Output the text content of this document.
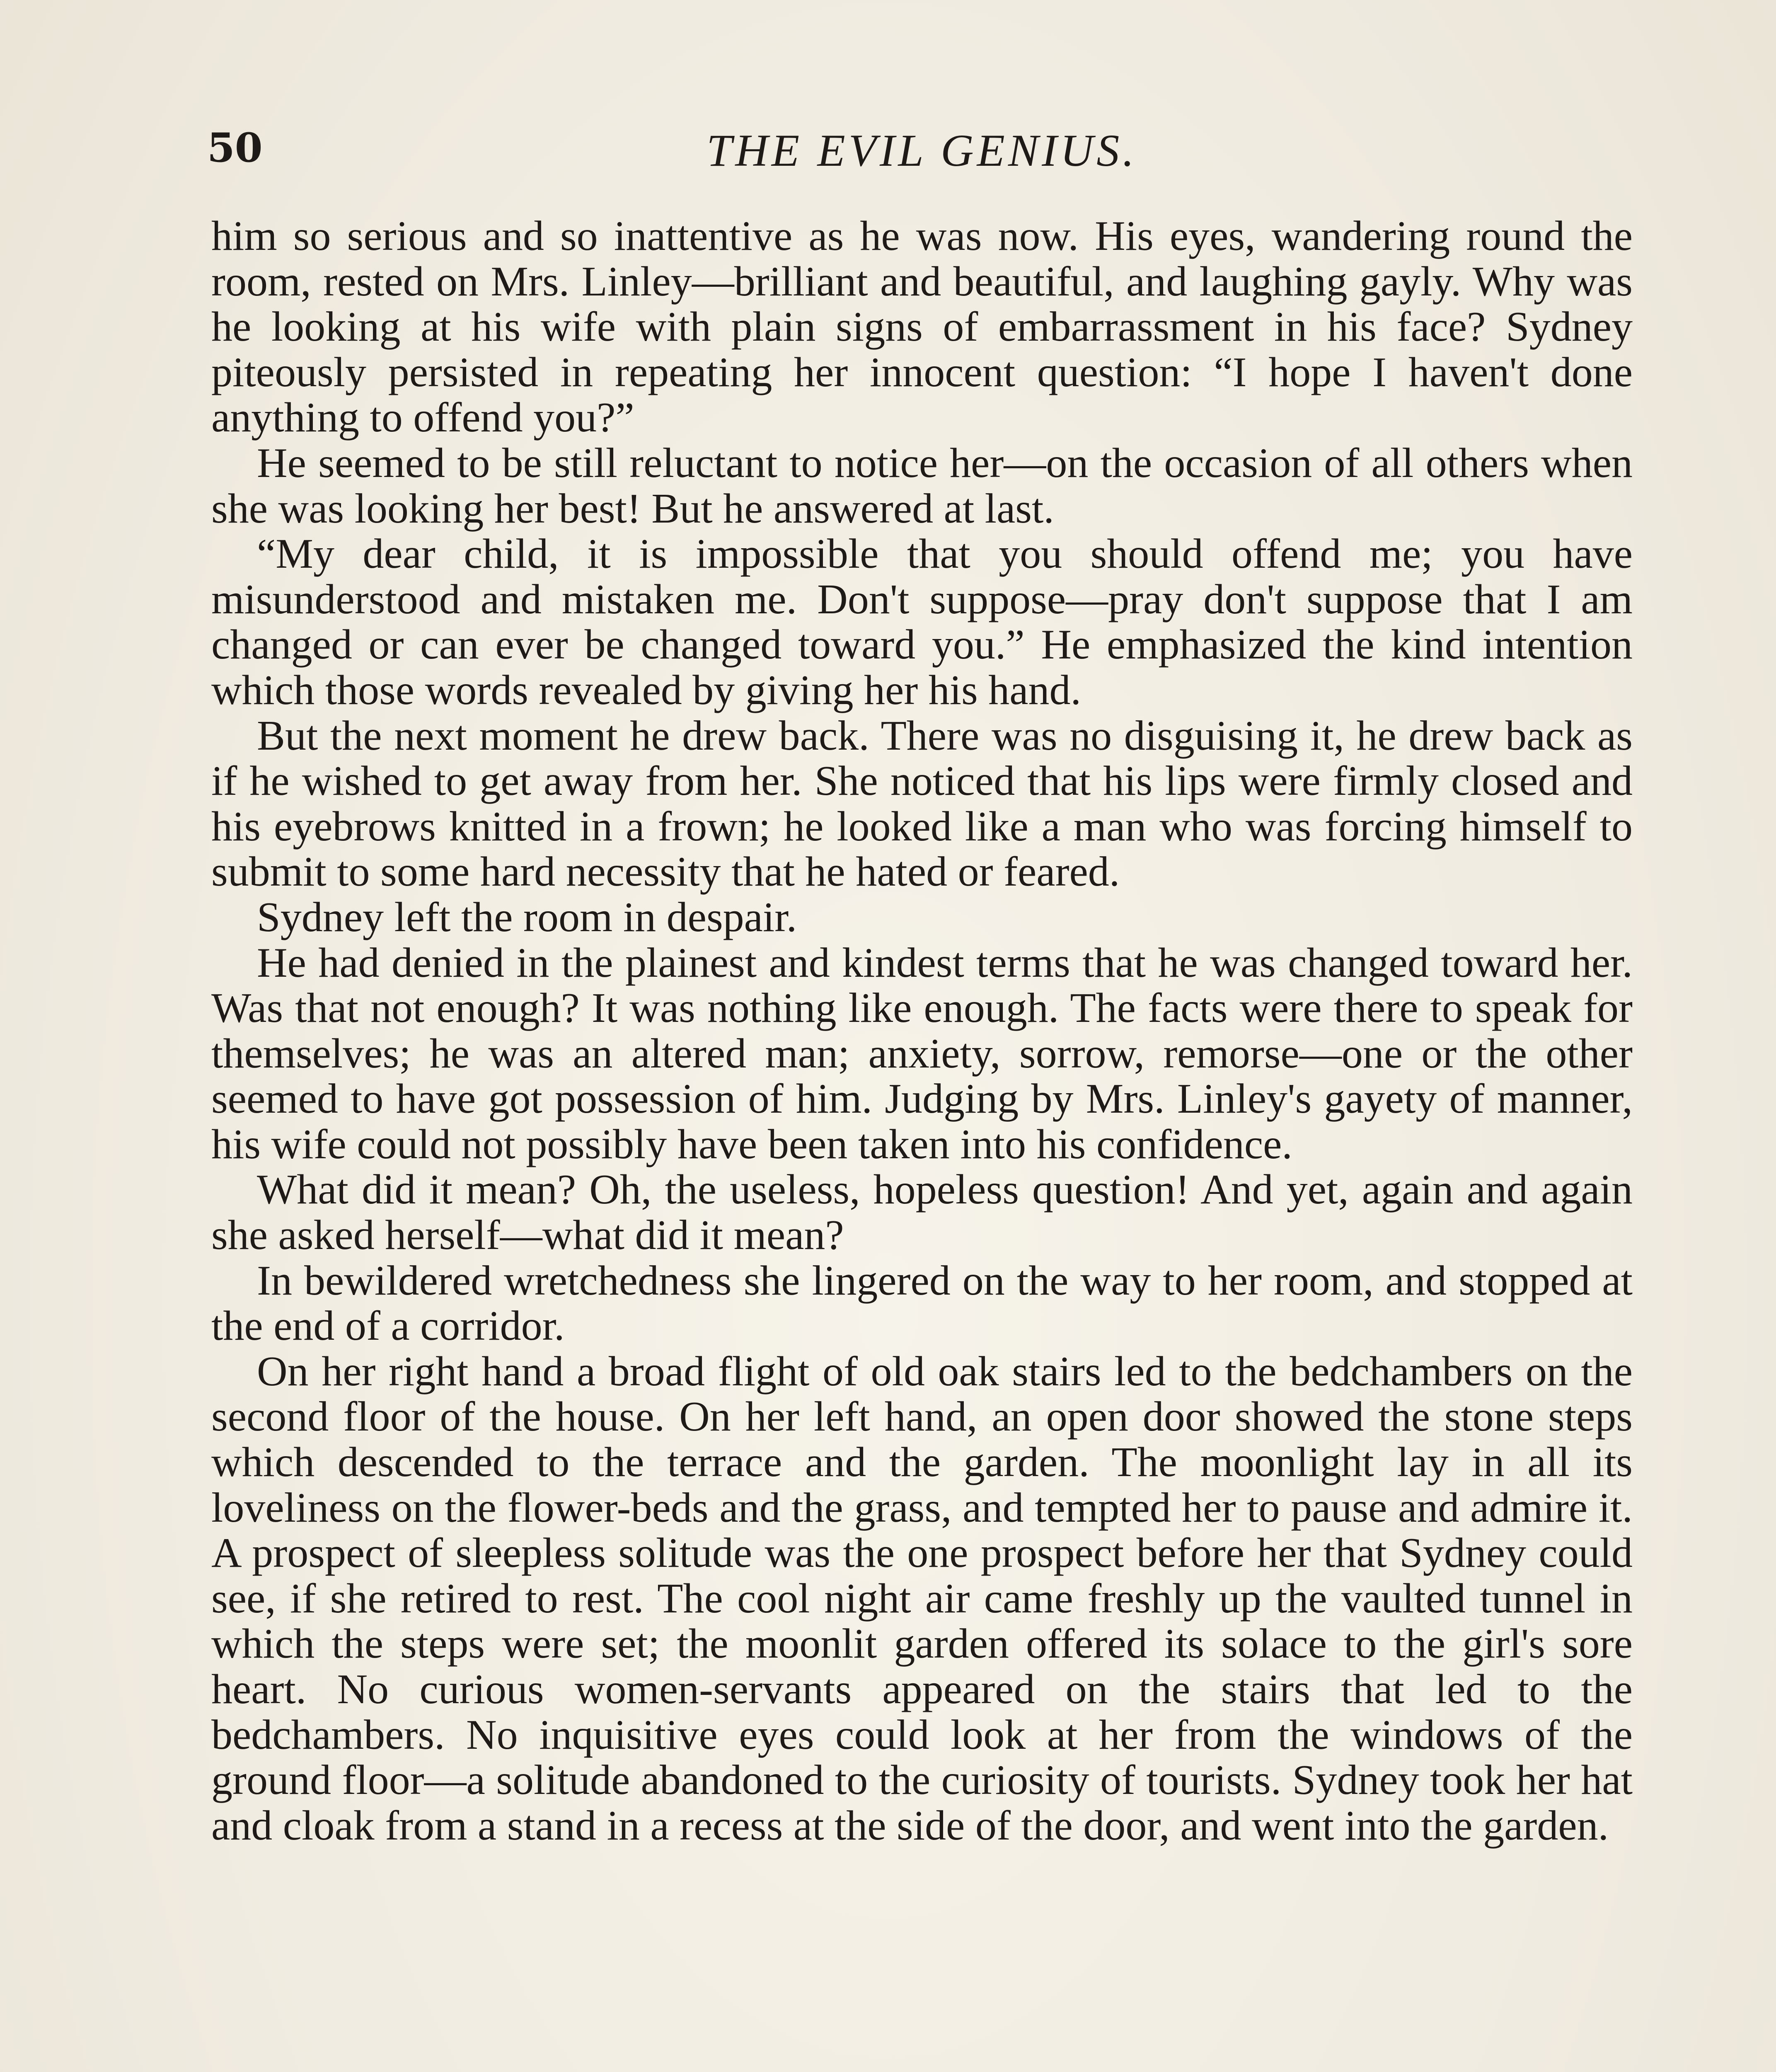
50	THE EVIL GENIUS.

him so serious and so inattentive as he was now. His eyes, wandering round the room, rested on Mrs. Linley—brilliant and beautiful, and laughing gayly. Why was he looking at his wife with plain signs of embarrassment in his face? Sydney piteously persisted in repeating her innocent question: “I hope I haven't done anything to offend you?”

He seemed to be still reluctant to notice her—on the occasion of all others when she was looking her best! But he answered at last.

“My dear child, it is impossible that you should offend me; you have misunderstood and mistaken me. Don't suppose—pray don't suppose that I am changed or can ever be changed toward you.” He emphasized the kind intention which those words revealed by giving her his hand.

But the next moment he drew back. There was no disguising it, he drew back as if he wished to get away from her. She noticed that his lips were firmly closed and his eyebrows knitted in a frown; he looked like a man who was forcing himself to submit to some hard necessity that he hated or feared.

Sydney left the room in despair.

He had denied in the plainest and kindest terms that he was changed toward her. Was that not enough? It was nothing like enough. The facts were there to speak for themselves; he was an altered man; anxiety, sorrow, remorse—one or the other seemed to have got possession of him. Judging by Mrs. Linley's gayety of manner, his wife could not possibly have been taken into his confidence.

What did it mean? Oh, the useless, hopeless question! And yet, again and again she asked herself—what did it mean?

In bewildered wretchedness she lingered on the way to her room, and stopped at the end of a corridor.

On her right hand a broad flight of old oak stairs led to the bedchambers on the second floor of the house. On her left hand, an open door showed the stone steps which descended to the terrace and the garden. The moonlight lay in all its loveliness on the flower-beds and the grass, and tempted her to pause and admire it. A prospect of sleepless solitude was the one prospect before her that Sydney could see, if she retired to rest. The cool night air came freshly up the vaulted tunnel in which the steps were set; the moonlit garden offered its solace to the girl's sore heart. No curious women-servants appeared on the stairs that led to the bedchambers. No inquisitive eyes could look at her from the windows of the ground floor—a solitude abandoned to the curiosity of tourists. Sydney took her hat and cloak from a stand in a recess at the side of the door, and went into the garden.
